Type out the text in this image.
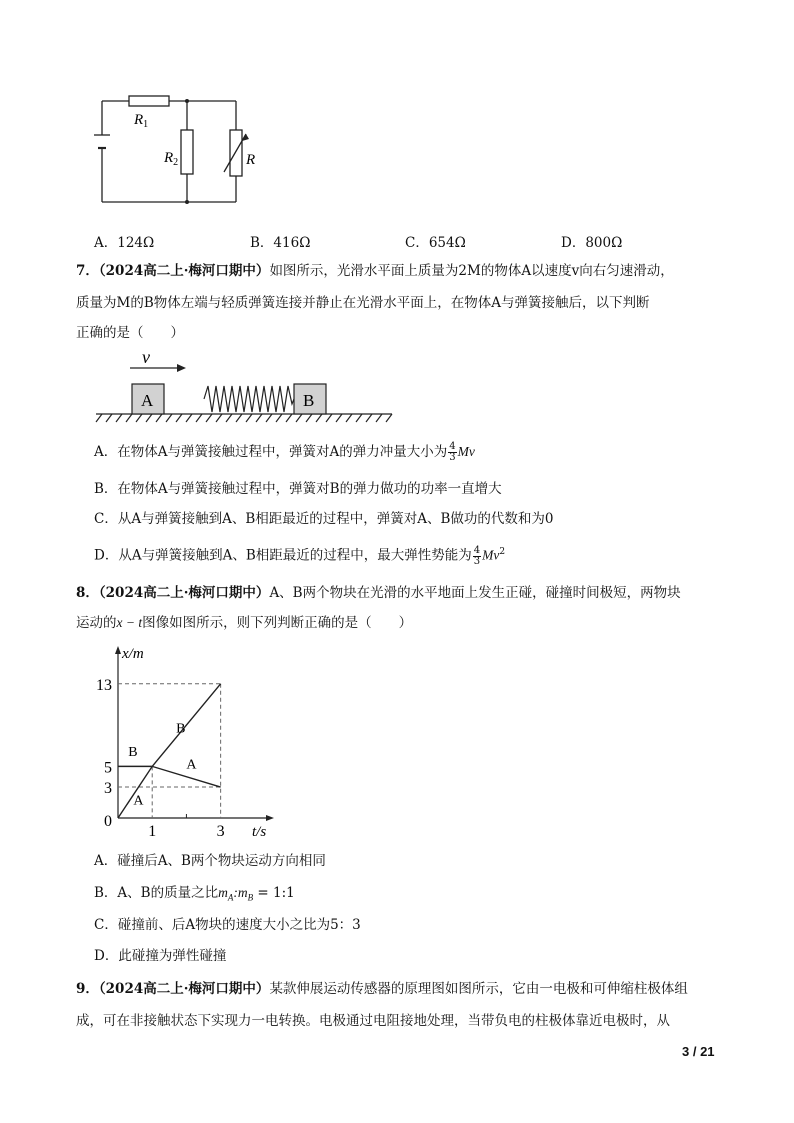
$R_1$
$R_2$	R
A．124Ω	B．416Ω	C．654Ω	D．800Ω
7．（2024高二上·梅河口期中）如图所示，光滑水平面上质量为2M的物体A以速度v向右匀速滑动，
质量为M的B物体左端与轻质弹簧连接并静止在光滑水平面上，在物体A与弹簧接触后，以下判断
正确的是（　　）
v
A	B
A．在物体A与弹簧接触过程中，弹簧对A的弹力冲量大小为 $\frac{4}{3}$ Mv
B．在物体A与弹簧接触过程中，弹簧对B的弹力做功的功率一直增大
C．从A与弹簧接触到A、B相距最近的过程中，弹簧对A、B做功的代数和为0
D．从A与弹簧接触到A、B相距最近的过程中，最大弹性势能为 $\frac{4}{3} Mv^2$
8．（2024高二上·梅河口期中）A、B两个物块在光滑的水平地面上发生正碰，碰撞时间极短，两物块
运动的x − t图像如图所示，则下列判断正确的是（　　）
x/m
t/s
0
1	3
3
5
13
A
B
A
B
A．碰撞后A、B两个物块运动方向相同
B．A、B的质量之比$m_A:m_B$ = 1:1
C．碰撞前、后A物块的速度大小之比为5：3
D．此碰撞为弹性碰撞
9．（2024高二上·梅河口期中）某款伸展运动传感器的原理图如图所示，它由一电极和可伸缩柱极体组
成，可在非接触状态下实现力一电转换。电极通过电阻接地处理，当带负电的柱极体靠近电极时，从
3 / 21
